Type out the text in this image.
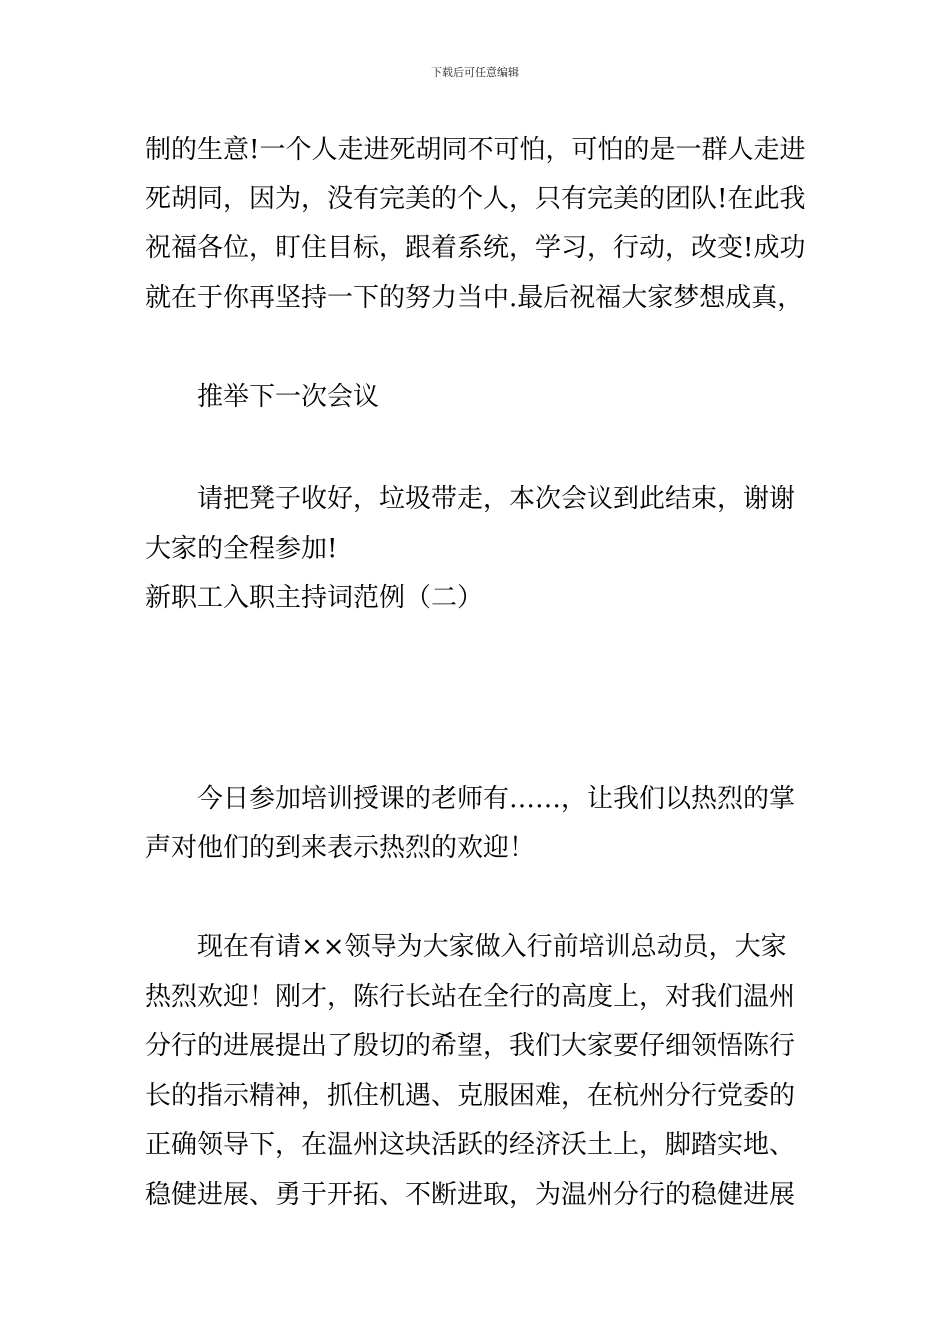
下载后可任意编辑
制的生意!一个人走进死胡同不可怕，可怕的是一群人走进
死胡同，因为，没有完美的个人，只有完美的团队!在此我
祝福各位，盯住目标，跟着系统，学习，行动，改变!成功
就在于你再坚持一下的努力当中.最后祝福大家梦想成真，
推举下一次会议
请把凳子收好，垃圾带走，本次会议到此结束，谢谢
大家的全程参加!
新职工入职主持词范例（二）
今日参加培训授课的老师有……，让我们以热烈的掌
声对他们的到来表示热烈的欢迎！
现在有请××领导为大家做入行前培训总动员，大家
热烈欢迎！刚才，陈行长站在全行的高度上，对我们温州
分行的进展提出了殷切的希望，我们大家要仔细领悟陈行
长的指示精神，抓住机遇、克服困难，在杭州分行党委的
正确领导下，在温州这块活跃的经济沃土上，脚踏实地、
稳健进展、勇于开拓、不断进取，为温州分行的稳健进展
